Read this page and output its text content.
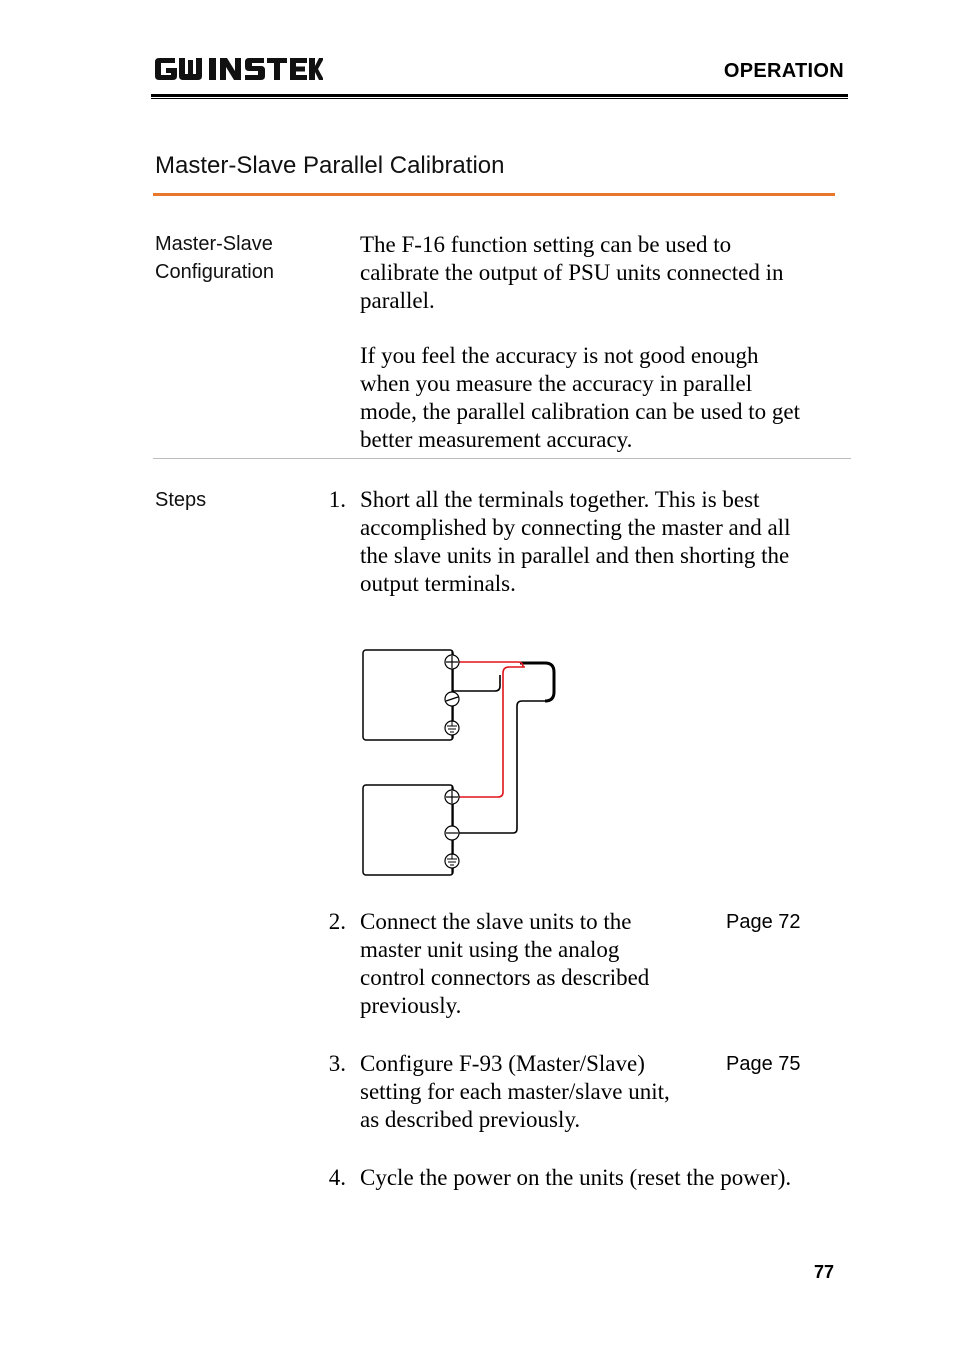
OPERATION
Master-Slave Parallel Calibration
Master-Slave
Configuration
The F-16 function setting can be used to
calibrate the output of PSU units connected in
parallel.
If you feel the accuracy is not good enough
when you measure the accuracy in parallel
mode, the parallel calibration can be used to get
better measurement accuracy.
Steps	1. Short all the terminals together. This is best
accomplished by connecting the master and all
the slave units in parallel and then shorting the
output terminals.
2. Connect the slave units to the
master unit using the analog
control connectors as described
previously.
Page 72
3. Configure F-93 (Master/Slave)
setting for each master/slave unit,
as described previously.
Page 75
4. Cycle the power on the units (reset the power).
77
